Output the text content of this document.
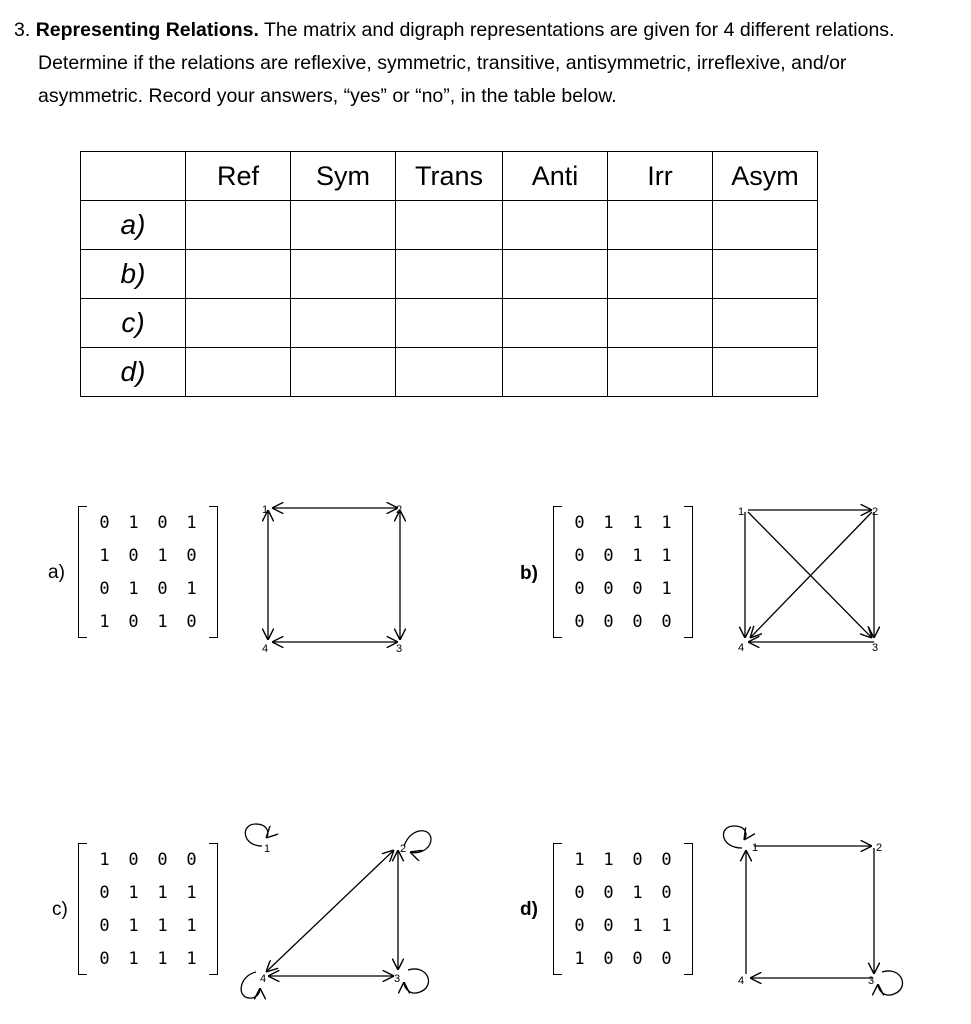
3. Representing Relations. The matrix and digraph representations are given for 4 different relations.
Determine if the relations are reflexive, symmetric, transitive, antisymmetric, irreflexive, and/or
asymmetric. Record your answers, “yes” or “no”, in the table below.
	Ref	Sym	Trans	Anti	Irr	Asym
a)						
b)						
c)						
d)						
a)
0	1	0	1
1	0	1	0
0	1	0	1
1	0	1	0
1	2
3
4
b)
0	1	1	1
0	0	1	1
0	0	0	1
0	0	0	0
1	2
3
4
c)
1	0	0	0
0	1	1	1
0	1	1	1
0	1	1	1
1	2
3
4
d)
1	1	0	0
0	0	1	0
0	0	1	1
1	0	0	0
1	2
3
4
